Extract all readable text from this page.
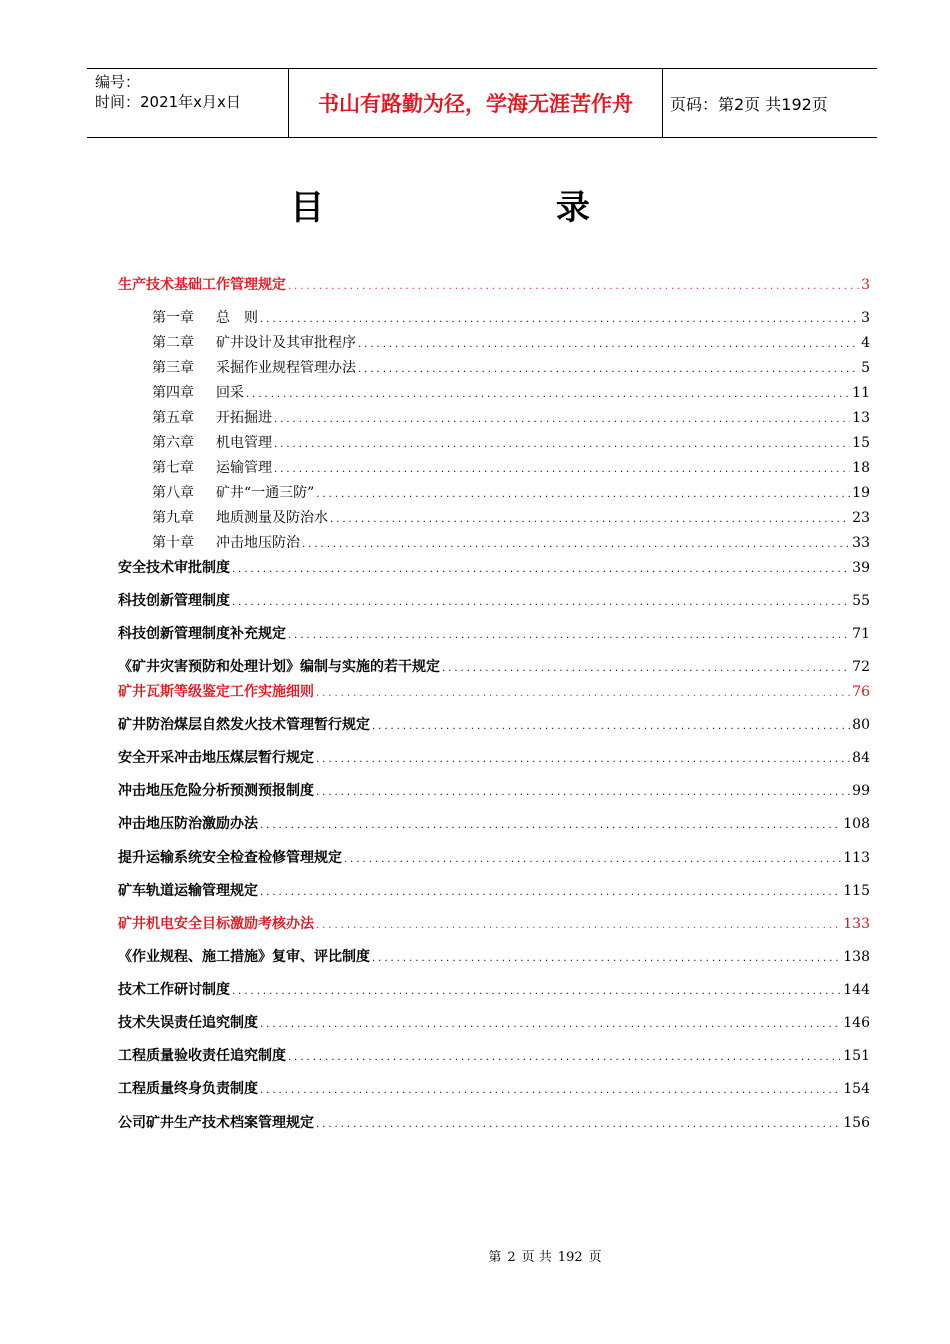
编号：
时间：2021年x月x日	书山有路勤为径，学海无涯苦作舟	页码：第2页 共192页
目 录
生产技术基础工作管理规定 .....	3
第一章	总　则 .....	3
第二章	矿井设计及其审批程序 .....	4
第三章	采掘作业规程管理办法 .....	5
第四章	回采 .....	11
第五章	开拓掘进 .....	13
第六章	机电管理 .....	15
第七章	运输管理 .....	18
第八章	矿井“一通三防” .....	19
第九章	地质测量及防治水 .....	23
第十章	冲击地压防治 .....	33
安全技术审批制度 .....	39
科技创新管理制度 .....	55
科技创新管理制度补充规定 .....	71
《矿井灾害预防和处理计划》编制与实施的若干规定 .....	72
矿井瓦斯等级鉴定工作实施细则 .....	76
矿井防治煤层自然发火技术管理暂行规定 .....	80
安全开采冲击地压煤层暂行规定 .....	84
冲击地压危险分析预测预报制度 .....	99
冲击地压防治激励办法 .....	108
提升运输系统安全检查检修管理规定 .....	113
矿车轨道运输管理规定 .....	115
矿井机电安全目标激励考核办法 .....	133
《作业规程、施工措施》复审、评比制度 .....	138
技术工作研讨制度 .....	144
技术失误责任追究制度 .....	146
工程质量验收责任追究制度 .....	151
工程质量终身负责制度 .....	154
公司矿井生产技术档案管理规定 .....	156
第 2 页 共 192 页
